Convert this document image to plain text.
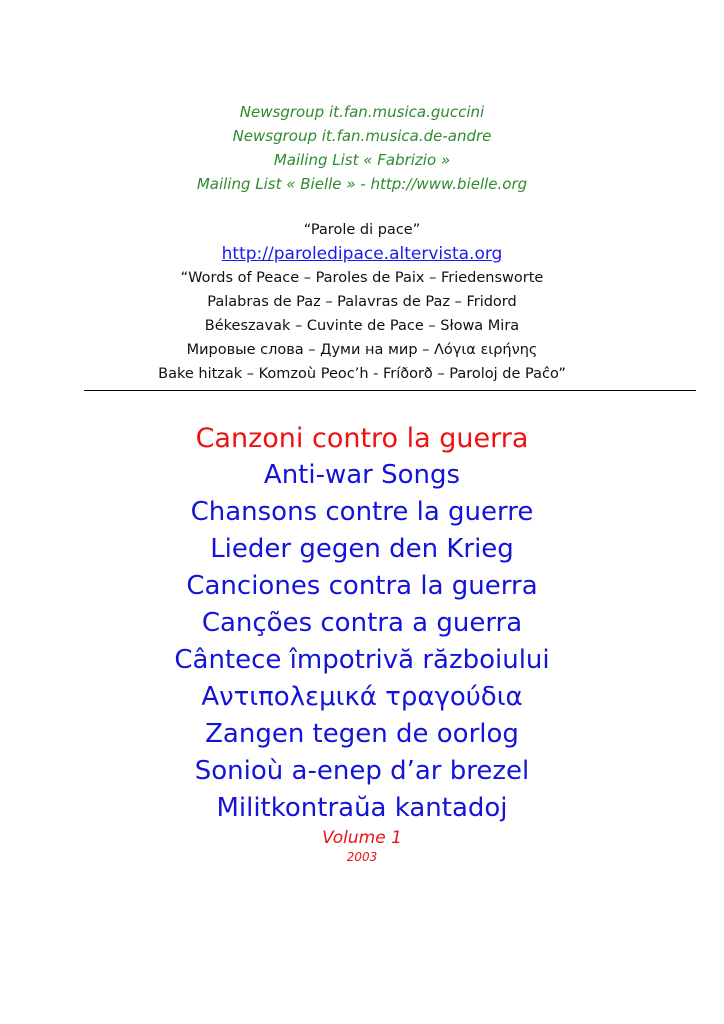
Newsgroup it.fan.musica.guccini
Newsgroup it.fan.musica.de-andre
Mailing List « Fabrizio »
Mailing List « Bielle » - http://www.bielle.org
“Parole di pace”
http://paroledipace.altervista.org
“Words of Peace – Paroles de Paix – Friedensworte
Palabras de Paz – Palavras de Paz – Fridord
Békeszavak – Cuvinte de Pace – Słowa Mira
Мировые слова – Думи на мир – Λόγια ειρήνης
Bake hitzak – Komzoù Peoc’h - Fríðorð – Paroloj de Paĉo”
Canzoni contro la guerra
Anti-war Songs
Chansons contre la guerre
Lieder gegen den Krieg
Canciones contra la guerra
Canções contra a guerra
Cântece împotrivă războiului
Αντιπολεμικά τραγούδια
Zangen tegen de oorlog
Sonioù a-enep d’ar brezel
Militkontraŭa kantadoj
Volume 1
2003
